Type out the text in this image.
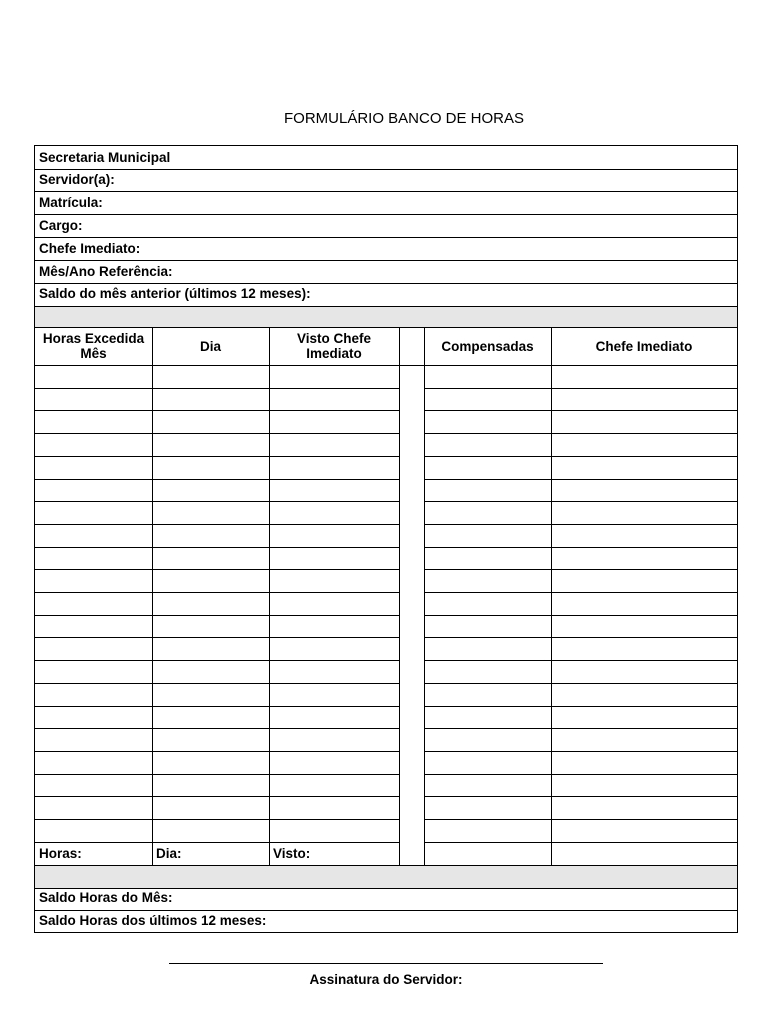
FORMULÁRIO BANCO DE HORAS
Secretaria Municipal
Servidor(a):
Matrícula:
Cargo:
Chefe Imediato:
Mês/Ano Referência:
Saldo do mês anterior (últimos 12 meses):
Horas Excedida Mês	Dia	Visto Chefe Imediato	Compensadas	Chefe Imediato
Horas:	Dia:	Visto:
Saldo Horas do Mês:
Saldo Horas dos últimos 12 meses:
Assinatura do Servidor:
